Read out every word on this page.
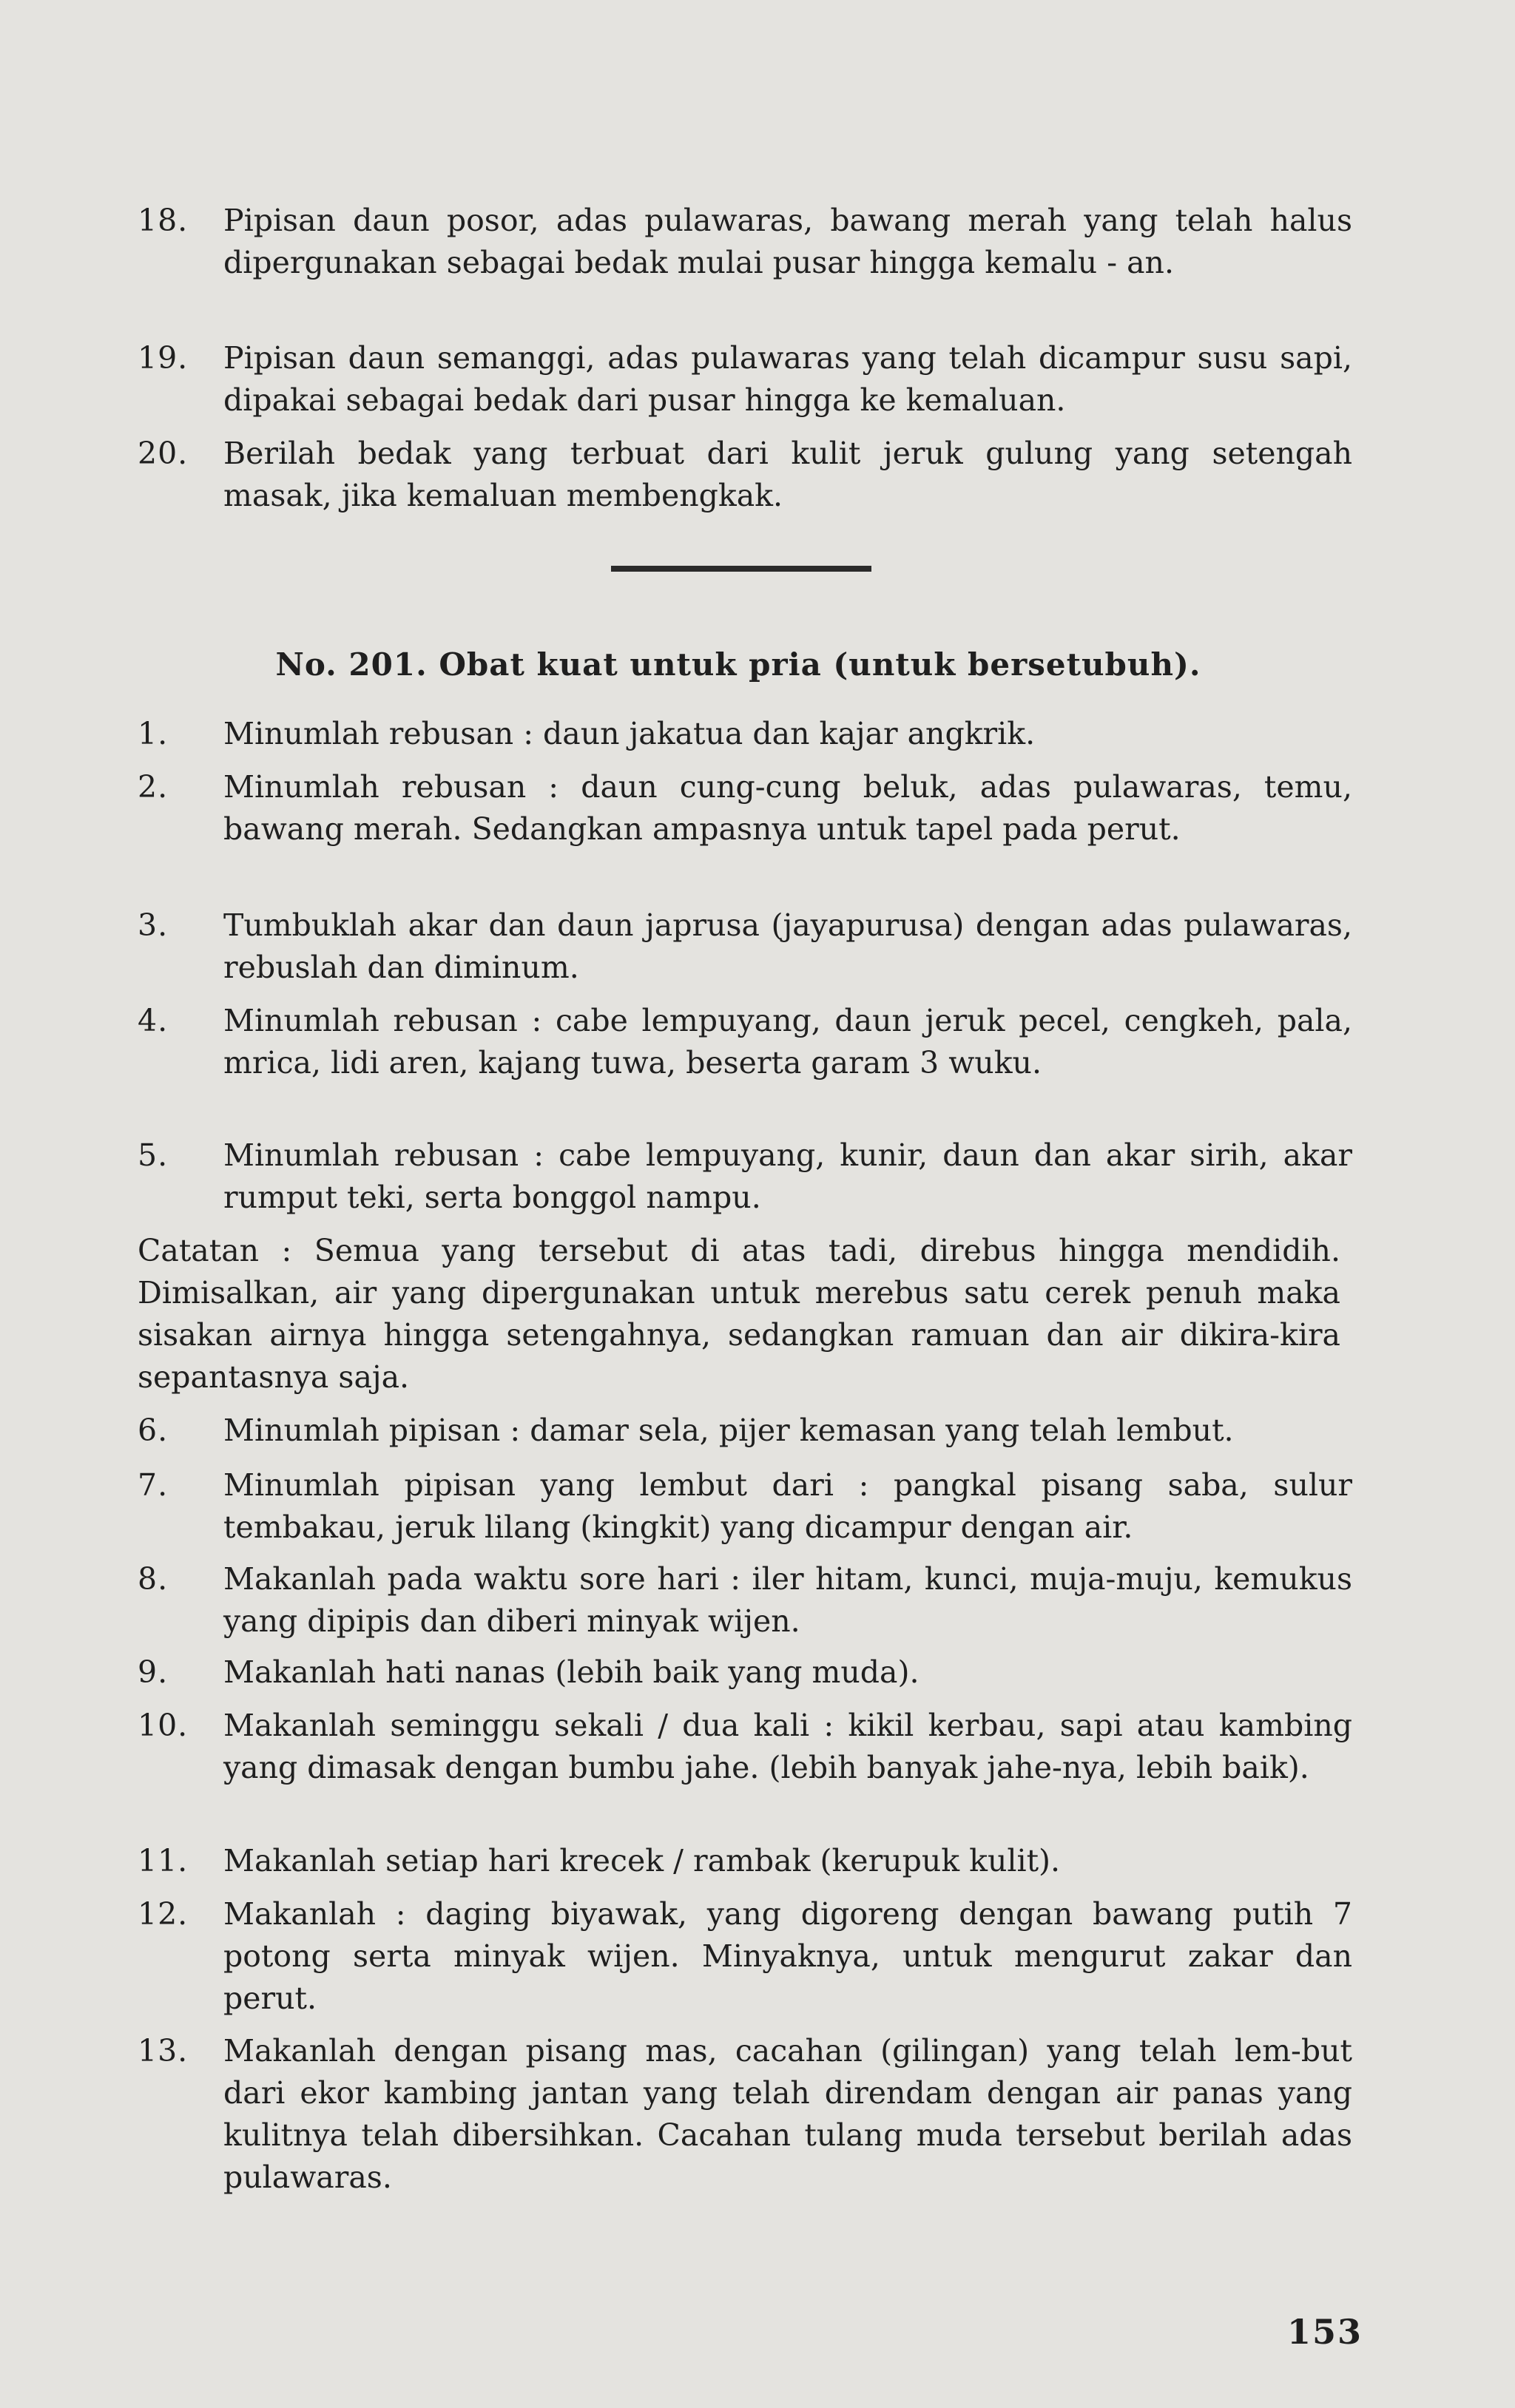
18. Pipisan daun posor, adas pulawaras, bawang merah yang telah halus dipergunakan sebagai bedak mulai pusar hingga kemalu - an.
19. Pipisan daun semanggi, adas pulawaras yang telah dicampur susu sapi, dipakai sebagai bedak dari pusar hingga ke kemaluan.
20. Berilah bedak yang terbuat dari kulit jeruk gulung yang setengah masak, jika kemaluan membengkak.
No. 201. Obat kuat untuk pria (untuk bersetubuh).
1.	Minumlah rebusan : daun jakatua dan kajar angkrik.
2.	Minumlah rebusan : daun cung-cung beluk, adas pulawaras, temu, bawang merah. Sedangkan ampasnya untuk tapel pada perut.
3.	Tumbuklah akar dan daun japrusa (jayapurusa) dengan adas pulawaras, rebuslah dan diminum.
4.	Minumlah rebusan : cabe lempuyang, daun jeruk pecel, cengkeh, pala, mrica, lidi aren, kajang tuwa, beserta garam 3 wuku.
5.	Minumlah rebusan : cabe lempuyang, kunir, daun dan akar sirih, akar rumput teki, serta bonggol nampu.
Catatan : Semua yang tersebut di atas tadi, direbus hingga mendidih. Dimisalkan, air yang dipergunakan untuk merebus satu cerek penuh maka sisakan airnya hingga setengahnya, sedangkan ramuan dan air dikira-kira sepantasnya saja.
6.	Minumlah pipisan : damar sela, pijer kemasan yang telah lembut.
7.	Minumlah pipisan yang lembut dari : pangkal pisang saba, sulur tembakau, jeruk lilang (kingkit) yang dicampur dengan air.
8.	Makanlah pada waktu sore hari : iler hitam, kunci, muja-muju, kemukus yang dipipis dan diberi minyak wijen.
9.	Makanlah hati nanas (lebih baik yang muda).
10. Makanlah seminggu sekali / dua kali : kikil kerbau, sapi atau kambing yang dimasak dengan bumbu jahe. (lebih banyak jahe-nya, lebih baik).
11. Makanlah setiap hari krecek / rambak (kerupuk kulit).
12. Makanlah : daging biyawak, yang digoreng dengan bawang putih 7 potong serta minyak wijen. Minyaknya, untuk mengurut zakar dan perut.
13. Makanlah dengan pisang mas, cacahan (gilingan) yang telah lem-but dari ekor kambing jantan yang telah direndam dengan air panas yang kulitnya telah dibersihkan. Cacahan tulang muda tersebut berilah adas pulawaras.
153
